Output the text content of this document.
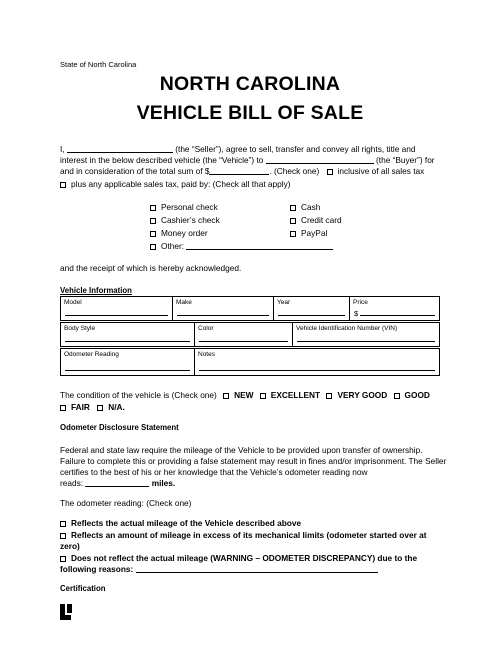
State of North Carolina
NORTH CAROLINA
VEHICLE BILL OF SALE
I,	(the “Seller”), agree to sell, transfer and convey all rights, title and
interest in the below described vehicle (the “Vehicle”) to	(the “Buyer”) for
and in consideration of the total sum of $	. (Check one) inclusive of all sales tax
plus any applicable sales tax, paid by: (Check all that apply)
Personal check
Cashier’s check
Money order
Other:
Cash
Credit card
PayPal
and the receipt of which is hereby acknowledged.
Vehicle Information
Model	Make	Year	Price
$
Body Style	Color	Vehicle Identification Number (VIN)
Odometer Reading	Notes
The condition of the vehicle is (Check one) NEW EXCELLENT VERY GOOD GOOD
FAIR N/A.
Odometer Disclosure Statement
Federal and state law require the mileage of the Vehicle to be provided upon transfer of ownership.
Failure to complete this or providing a false statement may result in fines and/or imprisonment. The Seller
certifies to the best of his or her knowledge that the Vehicle’s odometer reading now
reads:	miles.
The odometer reading: (Check one)
Reflects the actual mileage of the Vehicle described above
Reflects an amount of mileage in excess of its mechanical limits (odometer started over at
zero)
Does not reflect the actual mileage (WARNING – ODOMETER DISCREPANCY) due to the
following reasons:
Certification
